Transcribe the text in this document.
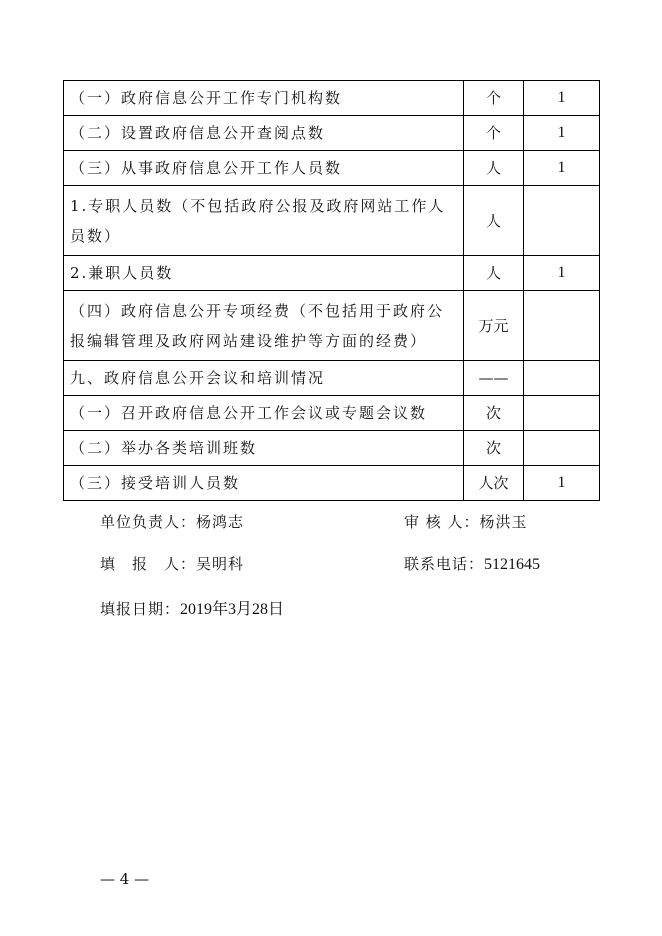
（一）政府信息公开工作专门机构数	个	1
（二）设置政府信息公开查阅点数	个	1
（三）从事政府信息公开工作人员数	人	1
1.专职人员数（不包括政府公报及政府网站工作人员数）	人	
2.兼职人员数	人	1
（四）政府信息公开专项经费（不包括用于政府公报编辑管理及政府网站建设维护等方面的经费）	万元	
九、政府信息公开会议和培训情况	——	
（一）召开政府信息公开工作会议或专题会议数	次	
（二）举办各类培训班数	次	
（三）接受培训人员数	人次	1
单位负责人：杨鸿志	审 核 人：杨洪玉
填　报　人：吴明科	联系电话：5121645
填报日期：2019年3月28日
— 4 —
